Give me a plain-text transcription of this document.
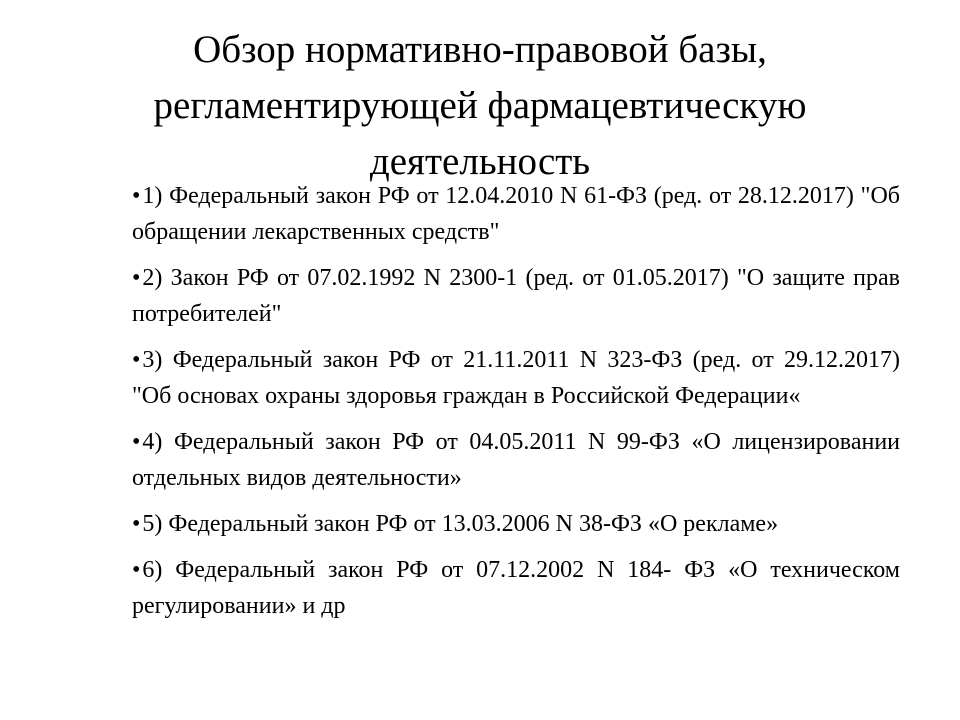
Обзор нормативно-правовой базы,
регламентирующей фармацевтическую
деятельность
•1) Федеральный закон РФ от 12.04.2010 N 61-ФЗ (ред. от 28.12.2017) "Об обращении лекарственных средств"
•2) Закон РФ от 07.02.1992 N 2300-1 (ред. от 01.05.2017) "О защите прав потребителей"
•3) Федеральный закон РФ от 21.11.2011 N 323-ФЗ (ред. от 29.12.2017) "Об основах охраны здоровья граждан в Российской Федерации«
•4) Федеральный закон РФ от 04.05.2011 N 99-ФЗ «О лицензировании отдельных видов деятельности»
•5) Федеральный закон РФ от 13.03.2006 N 38-ФЗ «О рекламе»
•6) Федеральный закон РФ от 07.12.2002 N 184- ФЗ «О техническом регулировании» и др
